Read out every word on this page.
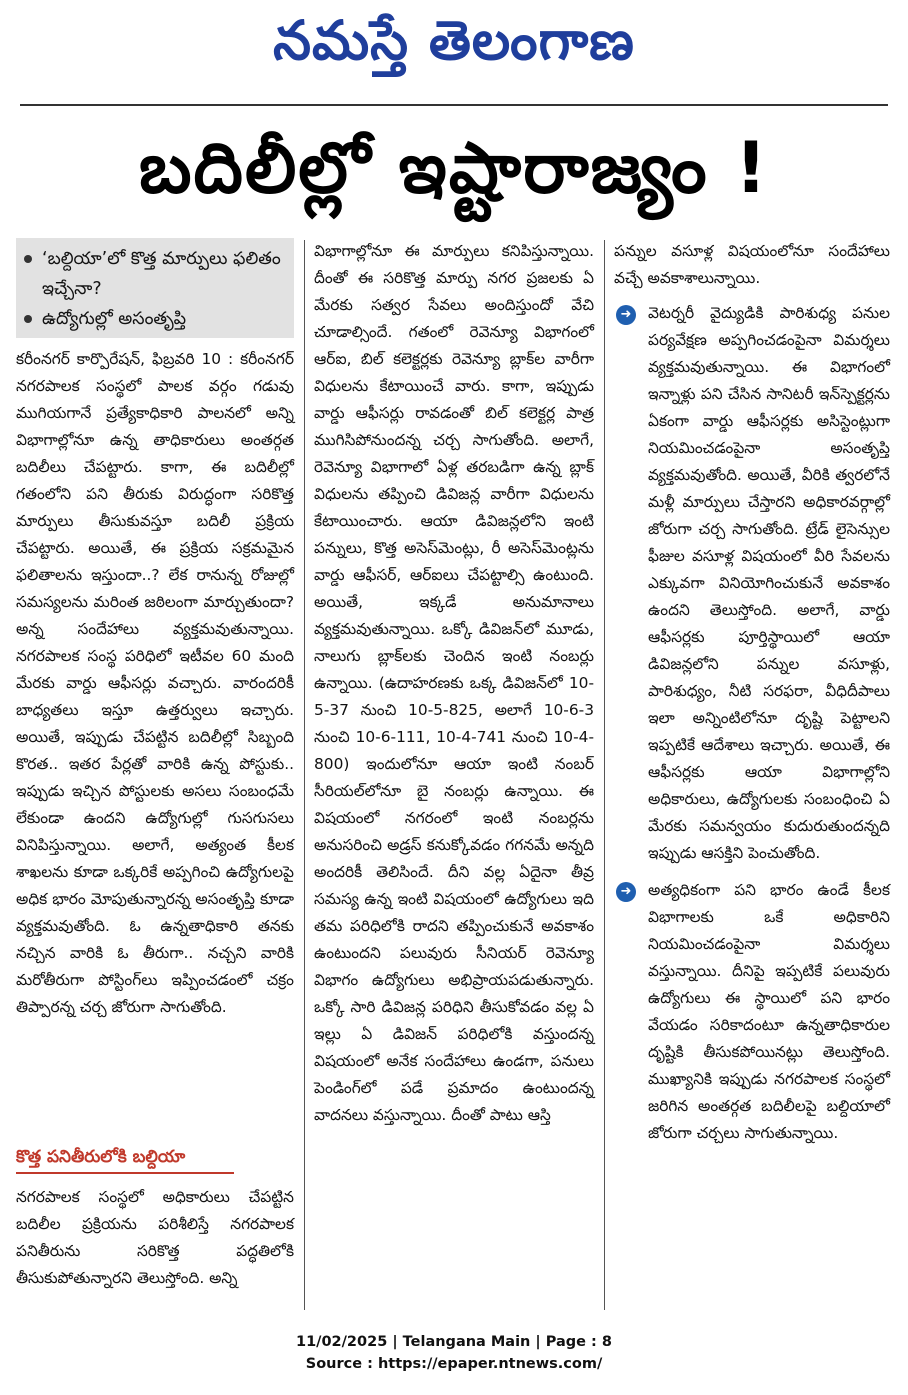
నమస్తే తెలంగాణ
బదిలీల్లో ఇష్టారాజ్యం !
‘బల్దియా’లో కొత్త మార్పులు ఫలితం ఇచ్చేనా?
ఉద్యోగుల్లో అసంతృప్తి

కరీంనగర్ కార్పొరేషన్, ఫిబ్రవరి 10 : కరీంనగర్ నగరపాలక సంస్థలో పాలక వర్గం గడువు ముగియగానే ప్రత్యేకాధికారి పాలనలో అన్ని విభాగాల్లోనూ ఉన్న తాధికారులు అంతర్గత బదిలీలు చేపట్టారు. కాగా, ఈ బదిలీల్లో గతంలోని పని తీరుకు విరుద్ధంగా సరికొత్త మార్పులు తీసుకువస్తూ బదిలీ ప్రక్రియ చేపట్టారు. అయితే, ఈ ప్రక్రియ సక్రమమైన ఫలితాలను ఇస్తుందా..? లేక రానున్న రోజుల్లో సమస్యలను మరింత జఠిలంగా మార్చుతుందా? అన్న సందేహాలు వ్యక్తమవుతున్నాయి. నగరపాలక సంస్థ పరిధిలో ఇటీవల 60 మంది మేరకు వార్డు ఆఫీసర్లు వచ్చారు. వారందరికీ బాధ్యతలు ఇస్తూ ఉత్తర్వులు ఇచ్చారు. అయితే, ఇప్పుడు చేపట్టిన బదిలీల్లో సిబ్బంది కొరత.. ఇతర పేర్లతో వారికి ఉన్న పోస్టుకు.. ఇప్పుడు ఇచ్చిన పోస్టులకు అసలు సంబంధమే లేకుండా ఉందని ఉద్యోగుల్లో గుసగుసలు వినిపిస్తున్నాయి. అలాగే, అత్యంత కీలక శాఖలను కూడా ఒక్కరికే అప్పగించి ఉద్యోగులపై అధిక భారం మోపుతున్నారన్న అసంతృప్తి కూడా వ్యక్తమవుతోంది. ఓ ఉన్నతాధికారి తనకు నచ్చిన వారికి ఓ తీరుగా.. నచ్చని వారికి మరోతీరుగా పోస్టింగ్‌లు ఇప్పించడంలో చక్రం తిప్పారన్న చర్చ జోరుగా సాగుతోంది.

కొత్త పనితీరులోకి బల్దియా

నగరపాలక సంస్థలో అధికారులు చేపట్టిన బదిలీల ప్రక్రియను పరిశీలిస్తే నగరపాలక పనితీరును సరికొత్త పద్ధతిలోకి తీసుకుపోతున్నారని తెలుస్తోంది. అన్ని

విభాగాల్లోనూ ఈ మార్పులు కనిపిస్తున్నాయి. దీంతో ఈ సరికొత్త మార్పు నగర ప్రజలకు ఏ మేరకు సత్వర సేవలు అందిస్తుందో వేచి చూడాల్సిందే. గతంలో రెవెన్యూ విభాగంలో ఆర్ఐ, బిల్ కలెక్టర్లకు రెవెన్యూ బ్లాక్‌ల వారీగా విధులను కేటాయించే వారు. కాగా, ఇప్పుడు వార్డు ఆఫీసర్లు రావడంతో బిల్ కలెక్టర్ల పాత్ర ముగిసిపోనుందన్న చర్చ సాగుతోంది. అలాగే, రెవెన్యూ విభాగాలో ఏళ్ల తరబడిగా ఉన్న బ్లాక్ విధులను తప్పించి డివిజన్ల వారీగా విధులను కేటాయించారు. ఆయా డివిజన్లలోని ఇంటి పన్నులు, కొత్త అసెస్‌మెంట్లు, రీ అసెస్‌మెంట్లను వార్డు ఆఫీసర్, ఆర్ఐలు చేపట్టాల్సి ఉంటుంది. అయితే, ఇక్కడే అనుమానాలు వ్యక్తమవుతున్నాయి. ఒక్కో డివిజన్‌లో మూడు, నాలుగు బ్లాక్‌లకు చెందిన ఇంటి నంబర్లు ఉన్నాయి. (ఉదాహరణకు ఒక్క డివిజన్‌లో 10-5-37 నుంచి 10-5-825, అలాగే 10-6-3 నుంచి 10-6-111, 10-4-741 నుంచి 10-4-800) ఇందులోనూ ఆయా ఇంటి నంబర్ సీరియల్‌లోనూ బై నంబర్లు ఉన్నాయి. ఈ విషయంలో నగరంలో ఇంటి నంబర్లను అనుసరించి అడ్రస్ కనుక్కోవడం గగనమే అన్నది అందరికీ తెలిసిందే. దీని వల్ల ఏదైనా తీవ్ర సమస్య ఉన్న ఇంటి విషయంలో ఉద్యోగులు ఇది తమ పరిధిలోకి రాదని తప్పించుకునే అవకాశం ఉంటుందని పలువురు సీనియర్ రెవెన్యూ విభాగం ఉద్యోగులు అభిప్రాయపడుతున్నారు. ఒక్కో సారి డివిజన్ల పరిధిని తీసుకోవడం వల్ల ఏ ఇల్లు ఏ డివిజన్ పరిధిలోకి వస్తుందన్న విషయంలో అనేక సందేహాలు ఉండగా, పనులు పెండింగ్‌లో పడే ప్రమాదం ఉంటుందన్న వాదనలు వస్తున్నాయి. దీంతో పాటు ఆస్తి

పన్నుల వసూళ్ల విషయంలోనూ సందేహాలు వచ్చే అవకాశాలున్నాయి.

➜ వెటర్నరీ వైద్యుడికి పారిశుధ్య పనుల పర్యవేక్షణ అప్పగించడంపైనా విమర్శలు వ్యక్తమవుతున్నాయి. ఈ విభాగంలో ఇన్నాళ్లు పని చేసిన సానిటరీ ఇన్‌స్పెక్టర్లను ఏకంగా వార్డు ఆఫీసర్లకు అసిస్టెంట్లుగా నియమించడంపైనా అసంతృప్తి వ్యక్తమవుతోంది. అయితే, వీరికి త్వరలోనే మళ్లీ మార్పులు చేస్తారని అధికారవర్గాల్లో జోరుగా చర్చ సాగుతోంది. ట్రేడ్ లైసెన్సుల ఫీజుల వసూళ్ల విషయంలో వీరి సేవలను ఎక్కువగా వినియోగించుకునే అవకాశం ఉందని తెలుస్తోంది. అలాగే, వార్డు ఆఫీసర్లకు పూర్తిస్థాయిలో ఆయా డివిజన్లలోని పన్నుల వసూళ్లు, పారిశుధ్యం, నీటి సరఫరా, వీధిదీపాలు ఇలా అన్నింటిలోనూ దృష్టి పెట్టాలని ఇప్పటికే ఆదేశాలు ఇచ్చారు. అయితే, ఈ ఆఫీసర్లకు ఆయా విభాగాల్లోని అధికారులు, ఉద్యోగులకు సంబంధించి ఏ మేరకు సమన్వయం కుదురుతుందన్నది ఇప్పుడు ఆసక్తిని పెంచుతోంది.

➜ అత్యధికంగా పని భారం ఉండే కీలక విభాగాలకు ఒకే అధికారిని నియమించడంపైనా విమర్శలు వస్తున్నాయి. దీనిపై ఇప్పటికే పలువురు ఉద్యోగులు ఈ స్థాయిలో పని భారం వేయడం సరికాదంటూ ఉన్నతాధికారుల దృష్టికి తీసుకపోయినట్లు తెలుస్తోంది. ముఖ్యానికి ఇప్పుడు నగరపాలక సంస్థలో జరిగిన అంతర్గత బదిలీలపై బల్దియాలో జోరుగా చర్చలు సాగుతున్నాయి.

11/02/2025 | Telangana Main | Page : 8
Source : https://epaper.ntnews.com/
